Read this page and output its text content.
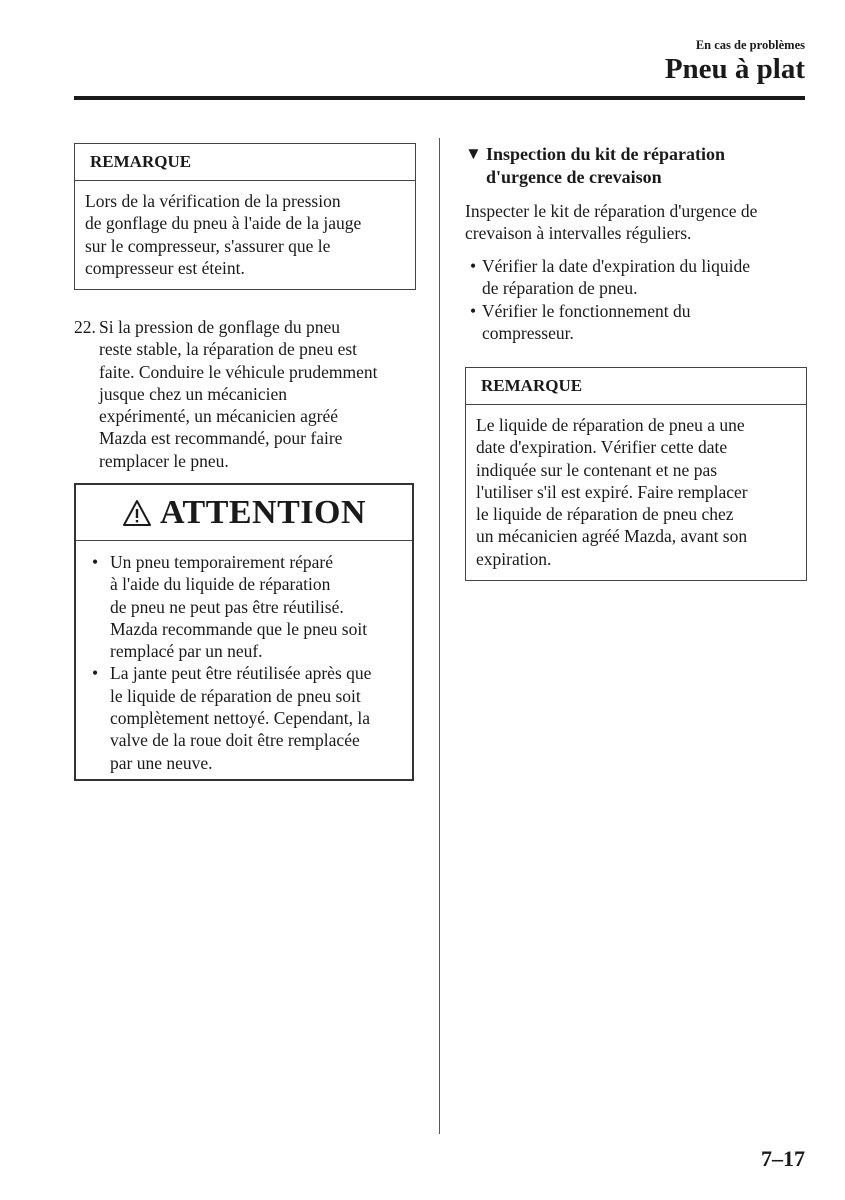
En cas de problèmes
Pneu à plat
REMARQUE
Lors de la vérification de la pression
de gonflage du pneu à l'aide de la jauge
sur le compresseur, s'assurer que le
compresseur est éteint.
22. Si la pression de gonflage du pneu
reste stable, la réparation de pneu est
faite. Conduire le véhicule prudemment
jusque chez un mécanicien
expérimenté, un mécanicien agréé
Mazda est recommandé, pour faire
remplacer le pneu.
ATTENTION
• Un pneu temporairement réparé
à l'aide du liquide de réparation
de pneu ne peut pas être réutilisé.
Mazda recommande que le pneu soit
remplacé par un neuf.
• La jante peut être réutilisée après que
le liquide de réparation de pneu soit
complètement nettoyé. Cependant, la
valve de la roue doit être remplacée
par une neuve.
▼ Inspection du kit de réparation
d'urgence de crevaison
Inspecter le kit de réparation d'urgence de
crevaison à intervalles réguliers.
• Vérifier la date d'expiration du liquide
de réparation de pneu.
• Vérifier le fonctionnement du
compresseur.
REMARQUE
Le liquide de réparation de pneu a une
date d'expiration. Vérifier cette date
indiquée sur le contenant et ne pas
l'utiliser s'il est expiré. Faire remplacer
le liquide de réparation de pneu chez
un mécanicien agréé Mazda, avant son
expiration.
7–17
